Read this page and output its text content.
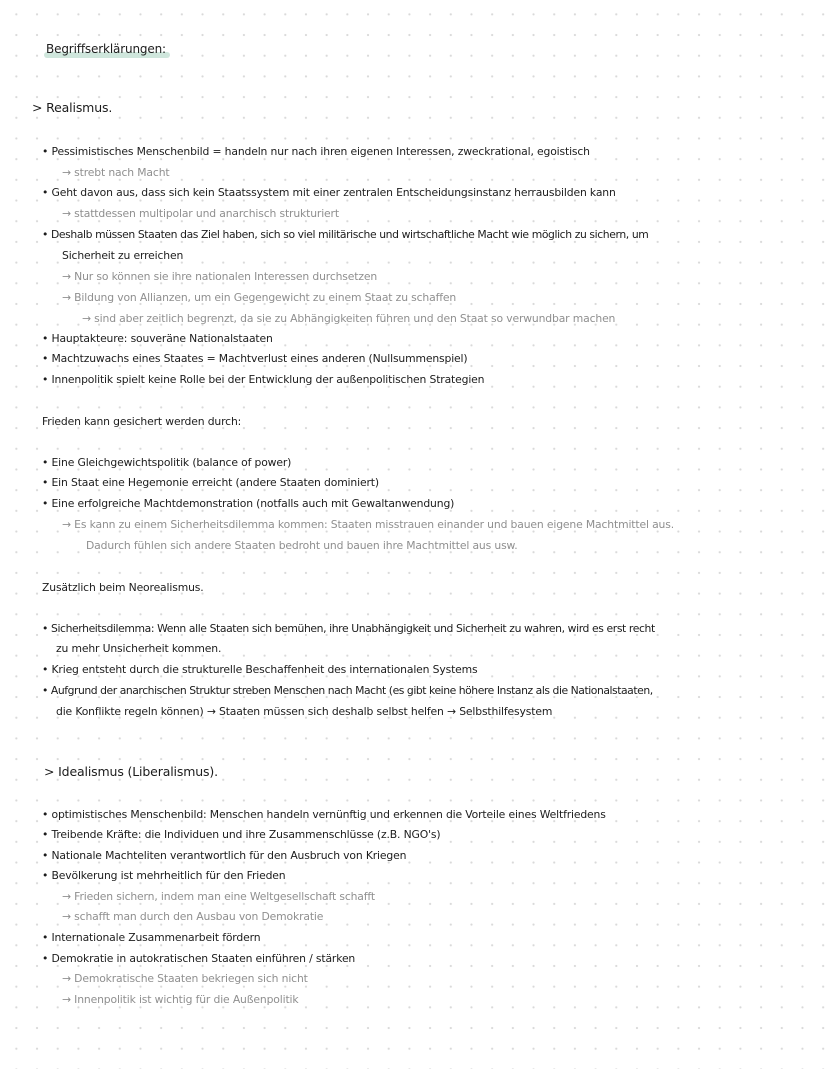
Begriffserklärungen:
> Realismus.
• Pessimistisches Menschenbild = handeln nur nach ihren eigenen Interessen, zweckrational, egoistisch
→ strebt nach Macht
• Geht davon aus, dass sich kein Staatssystem mit einer zentralen Entscheidungsinstanz herrausbilden kann
→ stattdessen multipolar und anarchisch strukturiert
• Deshalb müssen Staaten das Ziel haben, sich so viel militärische und wirtschaftliche Macht wie möglich zu sichern, um
Sicherheit zu erreichen
→ Nur so können sie ihre nationalen Interessen durchsetzen
→ Bildung von Allianzen, um ein Gegengewicht zu einem Staat zu schaffen
→ sind aber zeitlich begrenzt, da sie zu Abhängigkeiten führen und den Staat so verwundbar machen
• Hauptakteure: souveräne Nationalstaaten
• Machtzuwachs eines Staates = Machtverlust eines anderen (Nullsummenspiel)
• Innenpolitik spielt keine Rolle bei der Entwicklung der außenpolitischen Strategien
Frieden kann gesichert werden durch:
• Eine Gleichgewichtspolitik (balance of power)
• Ein Staat eine Hegemonie erreicht (andere Staaten dominiert)
• Eine erfolgreiche Machtdemonstration (notfalls auch mit Gewaltanwendung)
→ Es kann zu einem Sicherheitsdilemma kommen: Staaten misstrauen einander und bauen eigene Machtmittel aus.
Dadurch fühlen sich andere Staaten bedroht und bauen ihre Machtmittel aus usw.
Zusätzlich beim Neorealismus.
• Sicherheitsdilemma: Wenn alle Staaten sich bemühen, ihre Unabhängigkeit und Sicherheit zu wahren, wird es erst recht
zu mehr Unsicherheit kommen.
• Krieg entsteht durch die strukturelle Beschaffenheit des internationalen Systems
• Aufgrund der anarchischen Struktur streben Menschen nach Macht (es gibt keine höhere Instanz als die Nationalstaaten,
die Konflikte regeln können) → Staaten müssen sich deshalb selbst helfen → Selbsthilfesystem
> Idealismus (Liberalismus).
• optimistisches Menschenbild: Menschen handeln vernünftig und erkennen die Vorteile eines Weltfriedens
• Treibende Kräfte: die Individuen und ihre Zusammenschlüsse (z.B. NGO's)
• Nationale Machteliten verantwortlich für den Ausbruch von Kriegen
• Bevölkerung ist mehrheitlich für den Frieden
→ Frieden sichern, indem man eine Weltgesellschaft schafft
→ schafft man durch den Ausbau von Demokratie
• Internationale Zusammenarbeit fördern
• Demokratie in autokratischen Staaten einführen / stärken
→ Demokratische Staaten bekriegen sich nicht
→ Innenpolitik ist wichtig für die Außenpolitik
